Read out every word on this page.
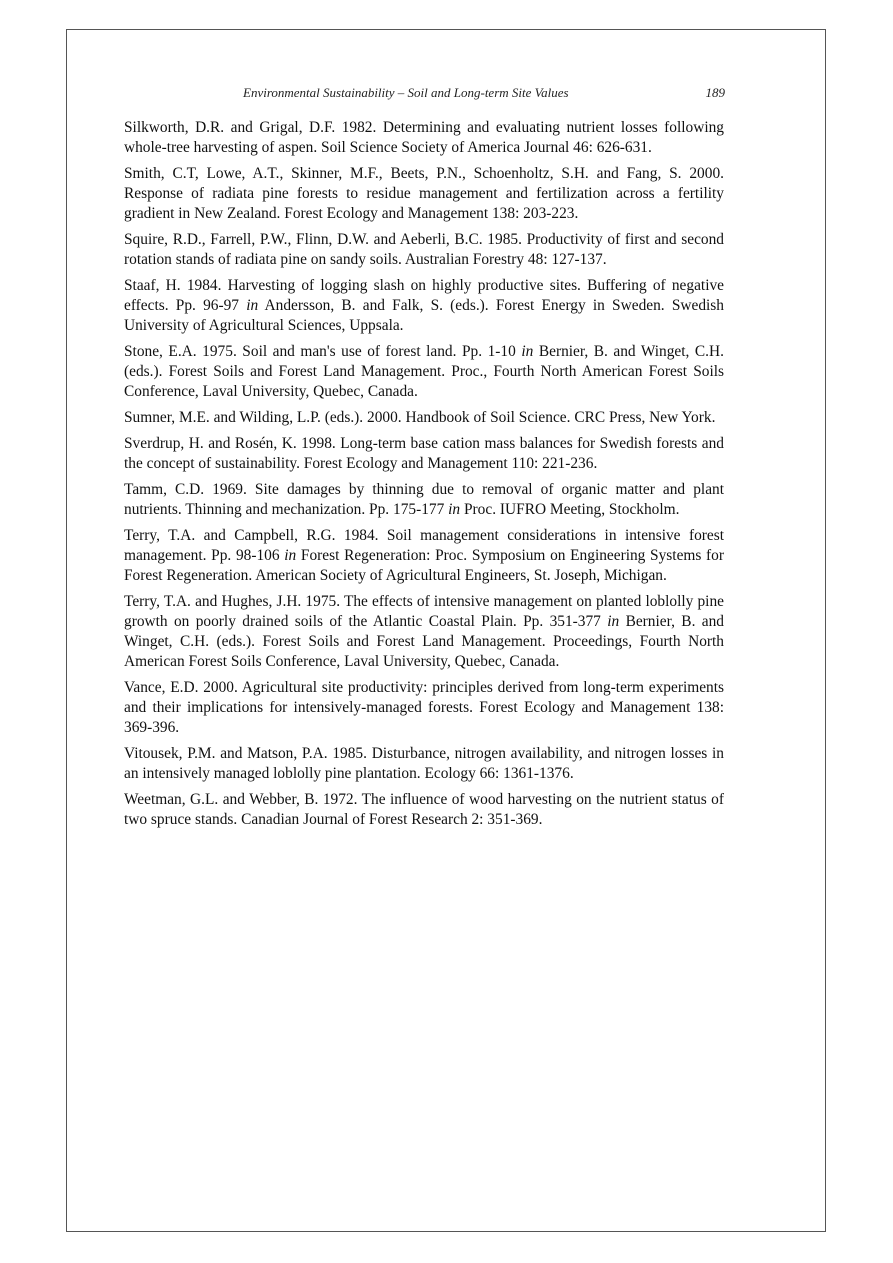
Environmental Sustainability – Soil and Long-term Site Values	189

Silkworth, D.R. and Grigal, D.F. 1982. Determining and evaluating nutrient losses following whole-tree harvesting of aspen. Soil Science Society of America Journal 46: 626-631.

Smith, C.T, Lowe, A.T., Skinner, M.F., Beets, P.N., Schoenholtz, S.H. and Fang, S. 2000. Response of radiata pine forests to residue management and fertilization across a fertility gradient in New Zealand. Forest Ecology and Management 138: 203-223.

Squire, R.D., Farrell, P.W., Flinn, D.W. and Aeberli, B.C. 1985. Productivity of first and second rotation stands of radiata pine on sandy soils. Australian Forestry 48: 127-137.

Staaf, H. 1984. Harvesting of logging slash on highly productive sites. Buffering of negative effects. Pp. 96-97 in Andersson, B. and Falk, S. (eds.). Forest Energy in Sweden. Swedish University of Agricultural Sciences, Uppsala.

Stone, E.A. 1975. Soil and man's use of forest land. Pp. 1-10 in Bernier, B. and Winget, C.H. (eds.). Forest Soils and Forest Land Management. Proc., Fourth North American Forest Soils Conference, Laval University, Quebec, Canada.

Sumner, M.E. and Wilding, L.P. (eds.). 2000. Handbook of Soil Science. CRC Press, New York.

Sverdrup, H. and Rosén, K. 1998. Long-term base cation mass balances for Swedish forests and the concept of sustainability. Forest Ecology and Management 110: 221-236.

Tamm, C.D. 1969. Site damages by thinning due to removal of organic matter and plant nutrients. Thinning and mechanization. Pp. 175-177 in Proc. IUFRO Meeting, Stockholm.

Terry, T.A. and Campbell, R.G. 1984. Soil management considerations in intensive forest management. Pp. 98-106 in Forest Regeneration: Proc. Symposium on Engineering Systems for Forest Regeneration. American Society of Agricultural Engineers, St. Joseph, Michigan.

Terry, T.A. and Hughes, J.H. 1975. The effects of intensive management on planted loblolly pine growth on poorly drained soils of the Atlantic Coastal Plain. Pp. 351-377 in Bernier, B. and Winget, C.H. (eds.). Forest Soils and Forest Land Management. Proceedings, Fourth North American Forest Soils Conference, Laval University, Quebec, Canada.

Vance, E.D. 2000. Agricultural site productivity: principles derived from long-term experiments and their implications for intensively-managed forests. Forest Ecology and Management 138: 369-396.

Vitousek, P.M. and Matson, P.A. 1985. Disturbance, nitrogen availability, and nitrogen losses in an intensively managed loblolly pine plantation. Ecology 66: 1361-1376.

Weetman, G.L. and Webber, B. 1972. The influence of wood harvesting on the nutrient status of two spruce stands. Canadian Journal of Forest Research 2: 351-369.
